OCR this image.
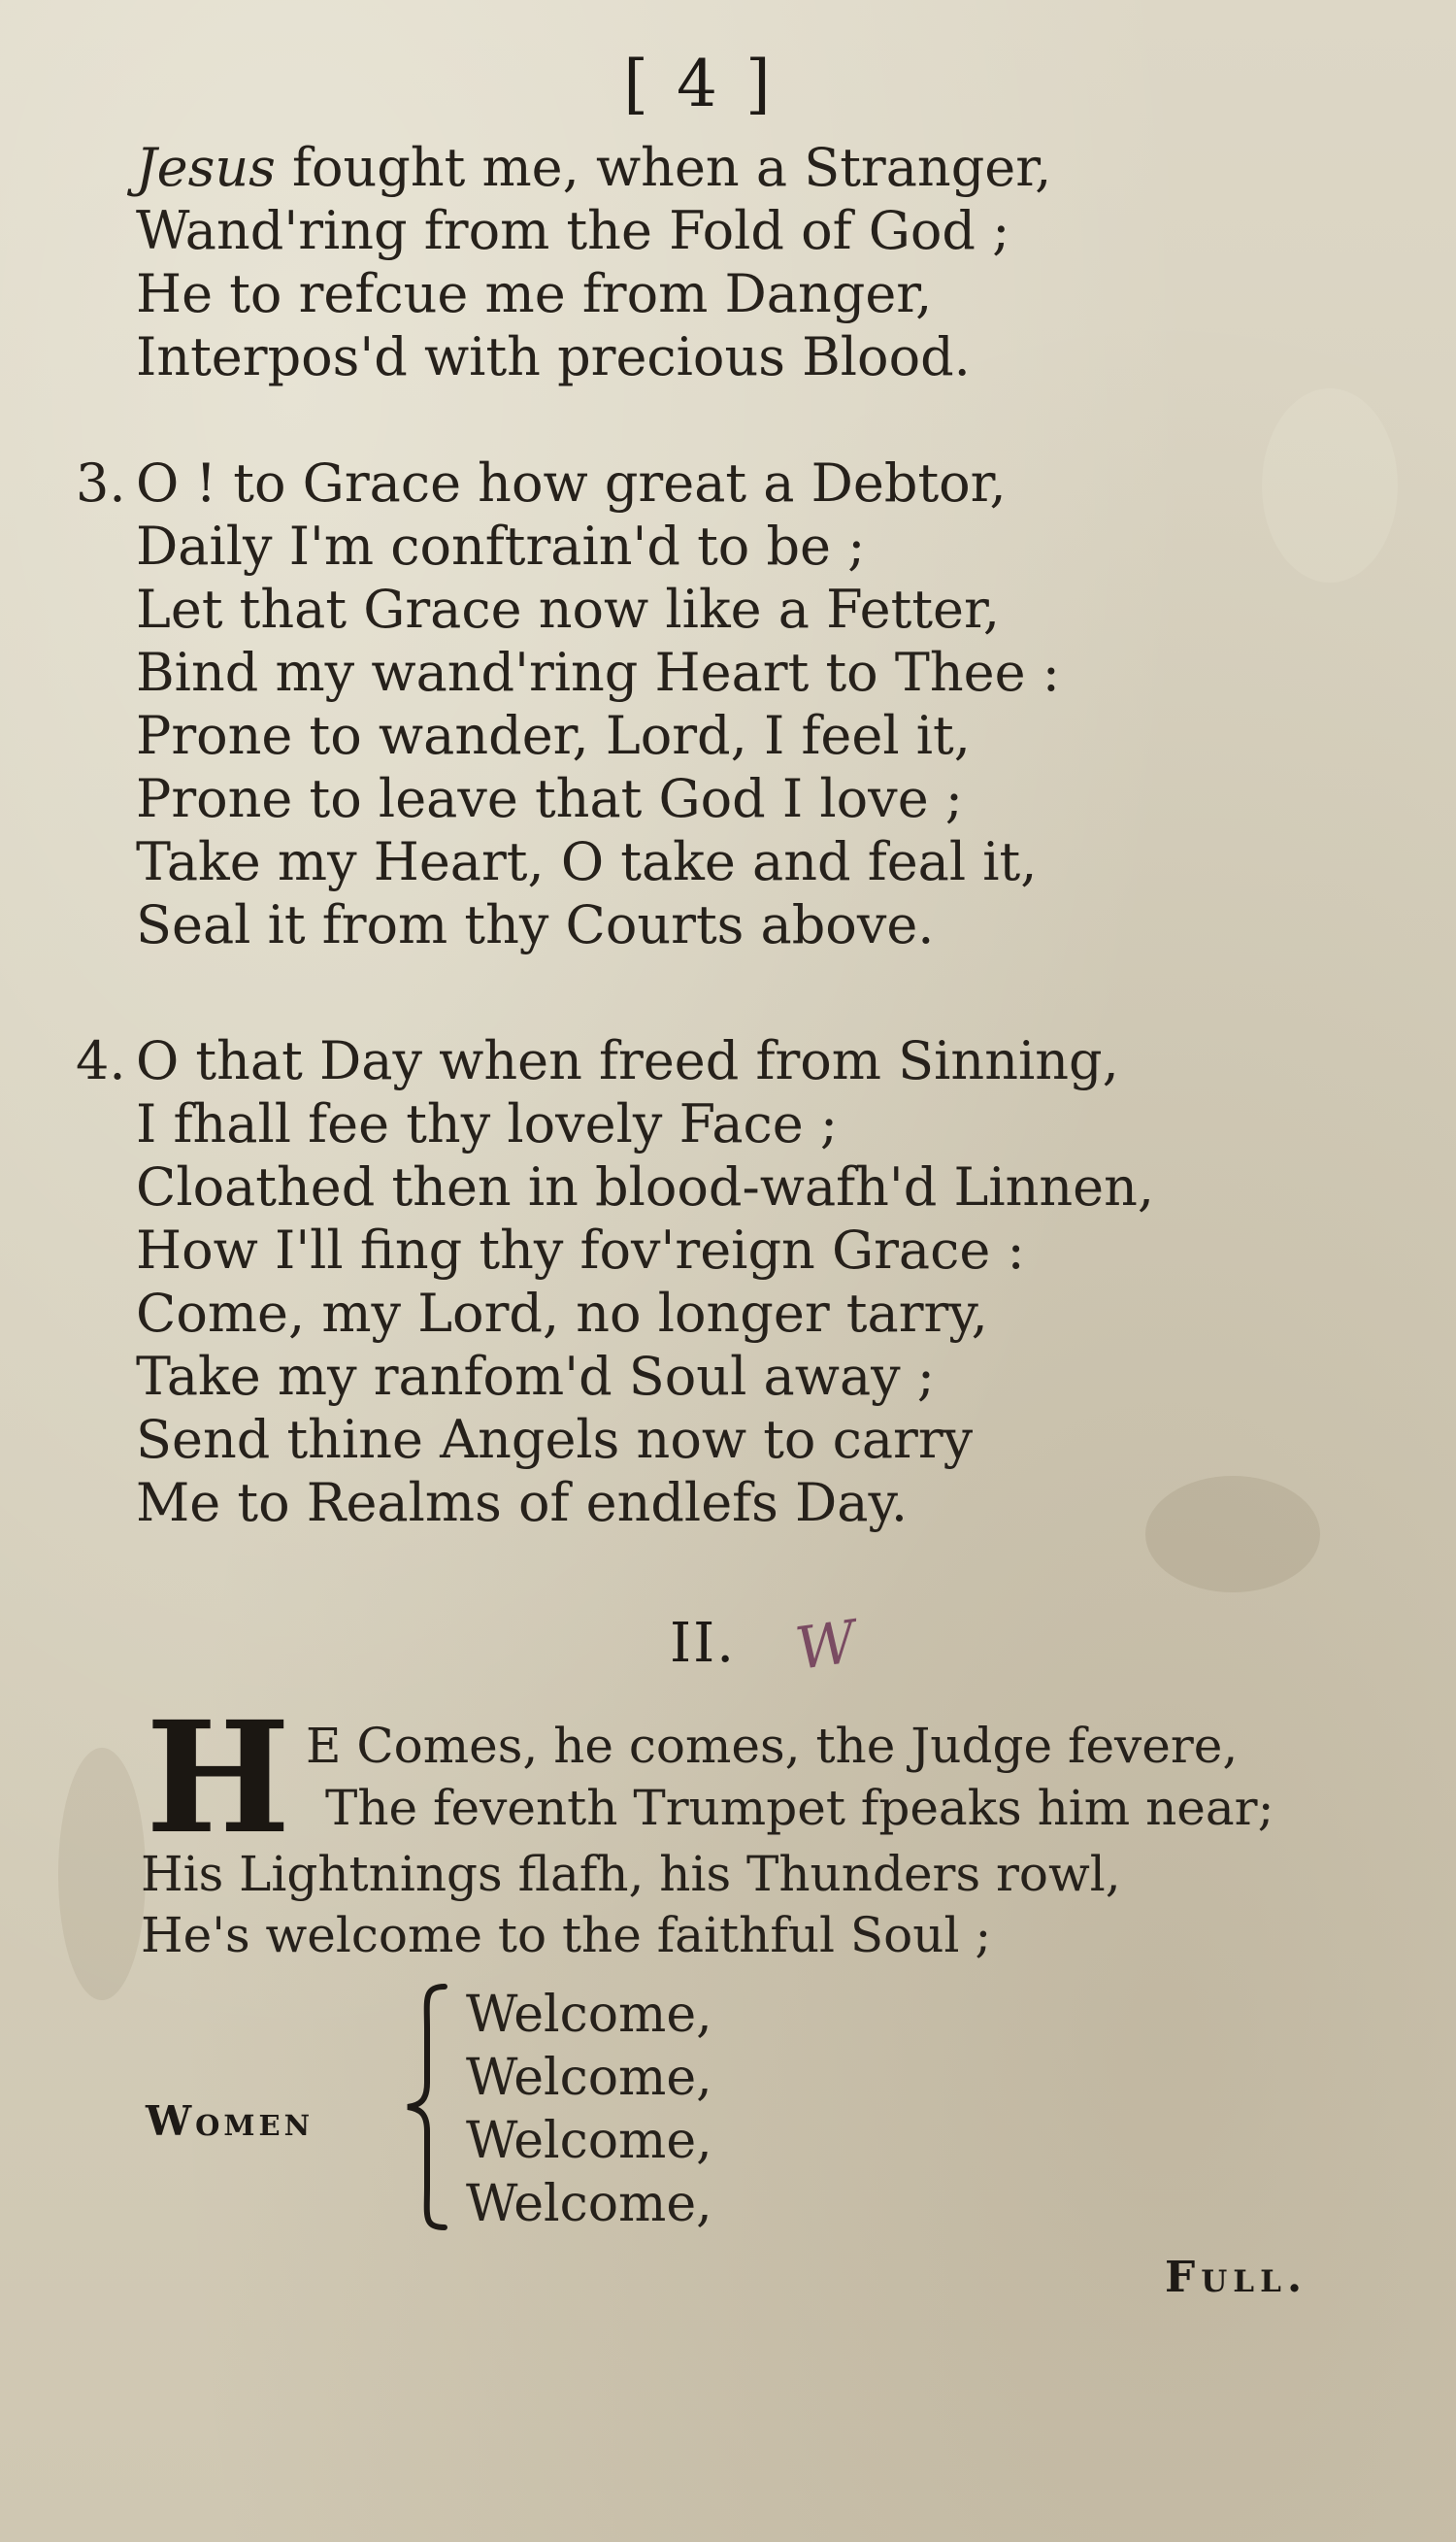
[ 4 ]
Jesus fought me, when a Stranger,
Wand'ring from the Fold of God ;
He to refcue me from Danger,
Interpos'd with precious Blood.
3. O ! to Grace how great a Debtor,
Daily I'm conftrain'd to be ;
Let that Grace now like a Fetter,
Bind my wand'ring Heart to Thee :
Prone to wander, Lord, I feel it,
Prone to leave that God I love ;
Take my Heart, O take and feal it,
Seal it from thy Courts above.
4. O that Day when freed from Sinning,
I fhall fee thy lovely Face ;
Cloathed then in blood-wafh'd Linnen,
How I'll fing thy fov'reign Grace :
Come, my Lord, no longer tarry,
Take my ranfom'd Soul away ;
Send thine Angels now to carry
Me to Realms of endlefs Day.
II. W
H E Comes, he comes, the Judge fevere,
The feventh Trumpet fpeaks him near;
His Lightnings flafh, his Thunders rowl,
He's welcome to the faithful Soul ;
Women
Welcome,
Welcome,
Welcome,
Welcome,
Full.
